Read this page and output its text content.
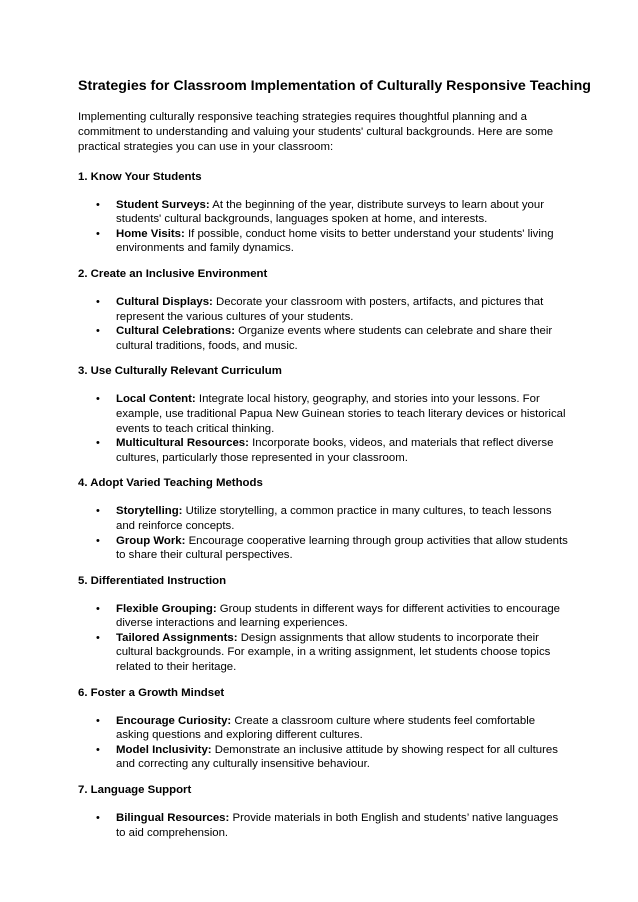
Strategies for Classroom Implementation of Culturally Responsive Teaching

Implementing culturally responsive teaching strategies requires thoughtful planning and a commitment to understanding and valuing your students' cultural backgrounds. Here are some practical strategies you can use in your classroom:

1. Know Your Students
• Student Surveys: At the beginning of the year, distribute surveys to learn about your students' cultural backgrounds, languages spoken at home, and interests.
• Home Visits: If possible, conduct home visits to better understand your students' living environments and family dynamics.
2. Create an Inclusive Environment
• Cultural Displays: Decorate your classroom with posters, artifacts, and pictures that represent the various cultures of your students.
• Cultural Celebrations: Organize events where students can celebrate and share their cultural traditions, foods, and music.
3. Use Culturally Relevant Curriculum
• Local Content: Integrate local history, geography, and stories into your lessons. For example, use traditional Papua New Guinean stories to teach literary devices or historical events to teach critical thinking.
• Multicultural Resources: Incorporate books, videos, and materials that reflect diverse cultures, particularly those represented in your classroom.
4. Adopt Varied Teaching Methods
• Storytelling: Utilize storytelling, a common practice in many cultures, to teach lessons and reinforce concepts.
• Group Work: Encourage cooperative learning through group activities that allow students to share their cultural perspectives.
5. Differentiated Instruction
• Flexible Grouping: Group students in different ways for different activities to encourage diverse interactions and learning experiences.
• Tailored Assignments: Design assignments that allow students to incorporate their cultural backgrounds. For example, in a writing assignment, let students choose topics related to their heritage.
6. Foster a Growth Mindset
• Encourage Curiosity: Create a classroom culture where students feel comfortable asking questions and exploring different cultures.
• Model Inclusivity: Demonstrate an inclusive attitude by showing respect for all cultures and correcting any culturally insensitive behaviour.
7. Language Support
• Bilingual Resources: Provide materials in both English and students’ native languages to aid comprehension.
